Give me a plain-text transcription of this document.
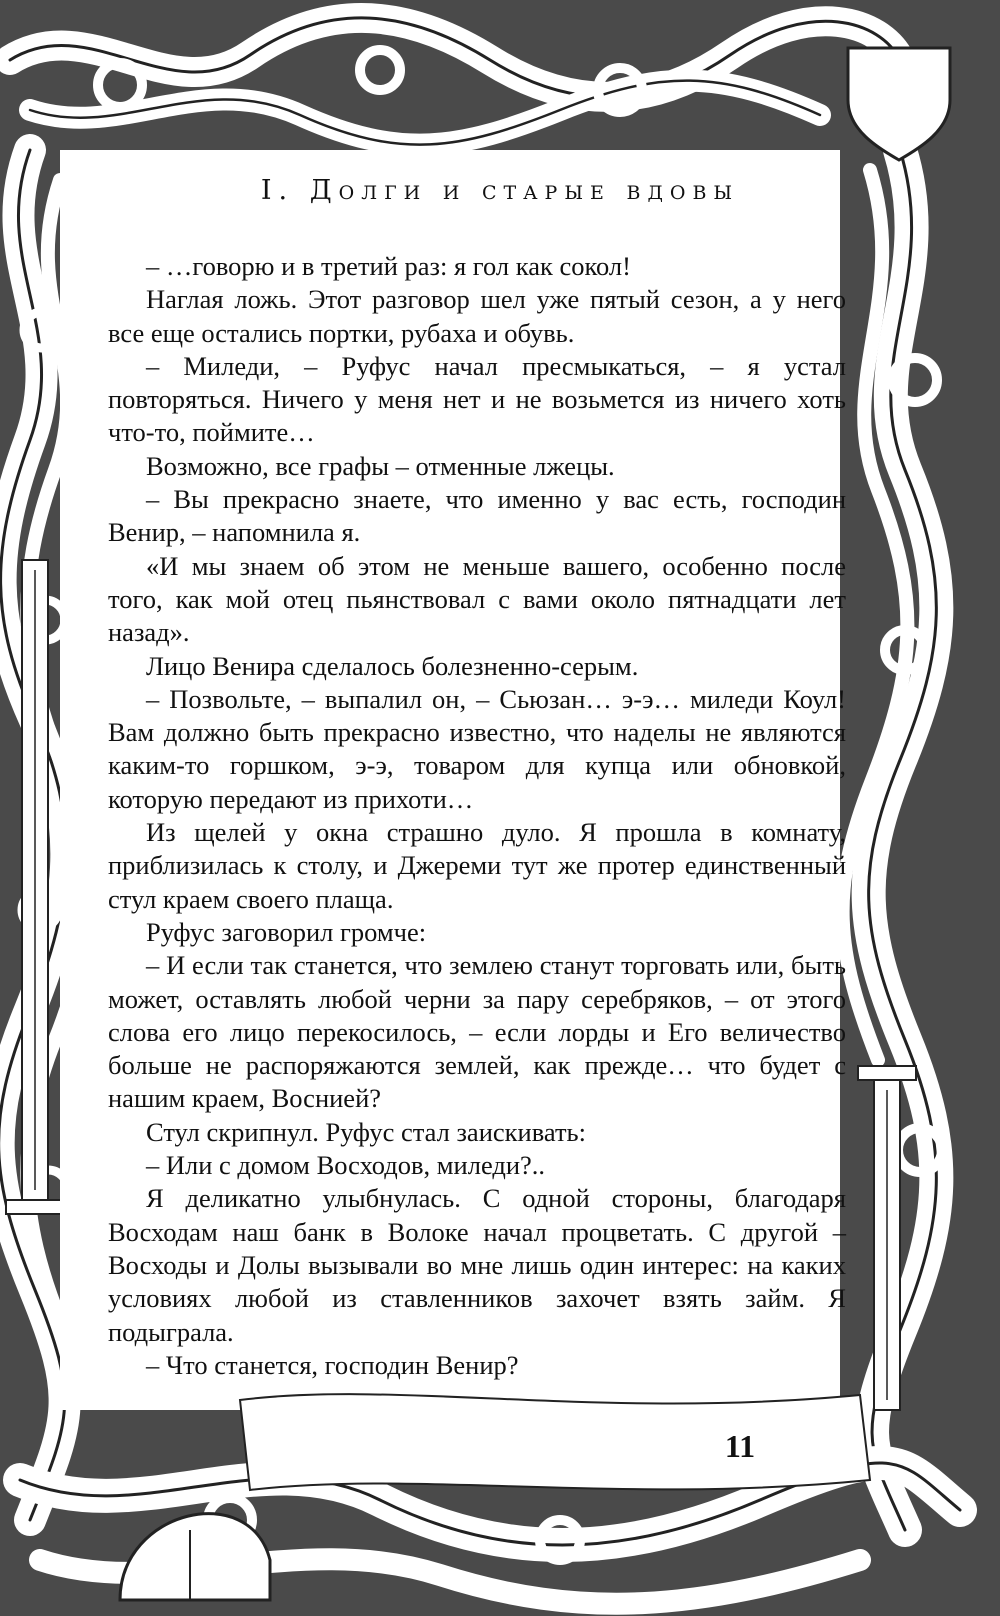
I. Долги и старые вдовы

– …говорю и в третий раз: я гол как сокол!

Наглая ложь. Этот разговор шел уже пятый сезон, а у него все еще остались портки, рубаха и обувь.

– Миледи, – Руфус начал пресмыкаться, – я устал повторяться. Ничего у меня нет и не возьмется из ничего хоть что-то, поймите…

Возможно, все графы – отменные лжецы.

– Вы прекрасно знаете, что именно у вас есть, господин Венир, – напомнила я.

«И мы знаем об этом не меньше вашего, особенно после того, как мой отец пьянствовал с вами около пятнадцати лет назад».

Лицо Венира сделалось болезненно-серым.

– Позвольте, – выпалил он, – Сьюзан… э-э… миледи Коул! Вам должно быть прекрасно известно, что наделы не являются каким-то горшком, э-э, товаром для купца или обновкой, которую передают из прихоти…

Из щелей у окна страшно дуло. Я прошла в комнату, приблизилась к столу, и Джереми тут же протер единственный стул краем своего плаща.

Руфус заговорил громче:

– И если так станется, что землею станут торговать или, быть может, оставлять любой черни за пару серебряков, – от этого слова его лицо перекосилось, – если лорды и Его величество больше не распоряжаются землей, как прежде… что будет с нашим краем, Воснией?

Стул скрипнул. Руфус стал заискивать:

– Или с домом Восходов, миледи?..

Я деликатно улыбнулась. С одной стороны, благодаря Восходам наш банк в Волоке начал процветать. С другой – Восходы и Долы вызывали во мне лишь один интерес: на каких условиях любой из ставленников захочет взять займ. Я подыграла.

– Что станется, господин Венир?

11
